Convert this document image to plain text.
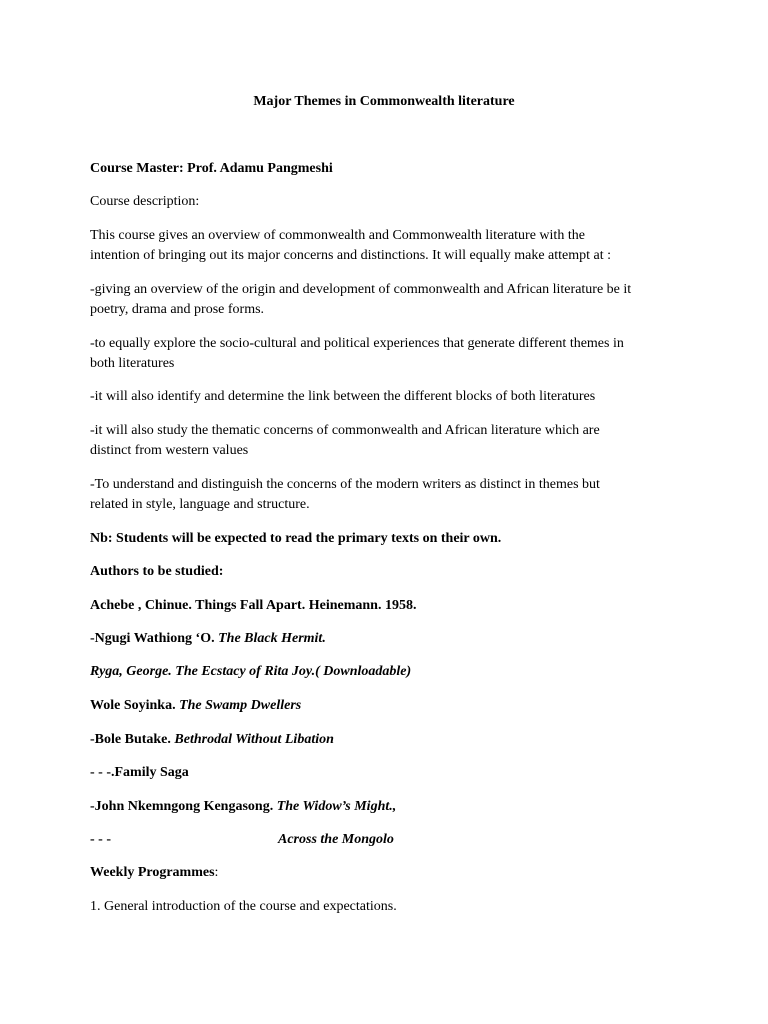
Major Themes in Commonwealth literature
Course Master: Prof. Adamu Pangmeshi
Course description:
This course gives an overview of commonwealth and Commonwealth literature with the
intention of bringing out its major concerns and distinctions. It will equally make attempt at :
-giving an overview of the origin and development of commonwealth and African literature be it
poetry, drama and prose forms.
-to equally explore the socio-cultural and political experiences that generate different themes in
both literatures
-it will also identify and determine the link between the different blocks of both literatures
-it will also study the thematic concerns of commonwealth and African literature which are
distinct from western values
-To understand and distinguish the concerns of the modern writers as distinct in themes but
related in style, language and structure.
Nb: Students will be expected to read the primary texts on their own.
Authors to be studied:
Achebe , Chinue. Things Fall Apart. Heinemann. 1958.
-Ngugi Wathiong ‘O. The Black Hermit.
Ryga, George. The Ecstacy of Rita Joy.( Downloadable)
Wole Soyinka. The Swamp Dwellers
-Bole Butake. Bethrodal Without Libation
- - -.Family Saga
-John Nkemngong Kengasong. The Widow’s Might.,
- - -	Across the Mongolo
Weekly Programmes:
1. General introduction of the course and expectations.
